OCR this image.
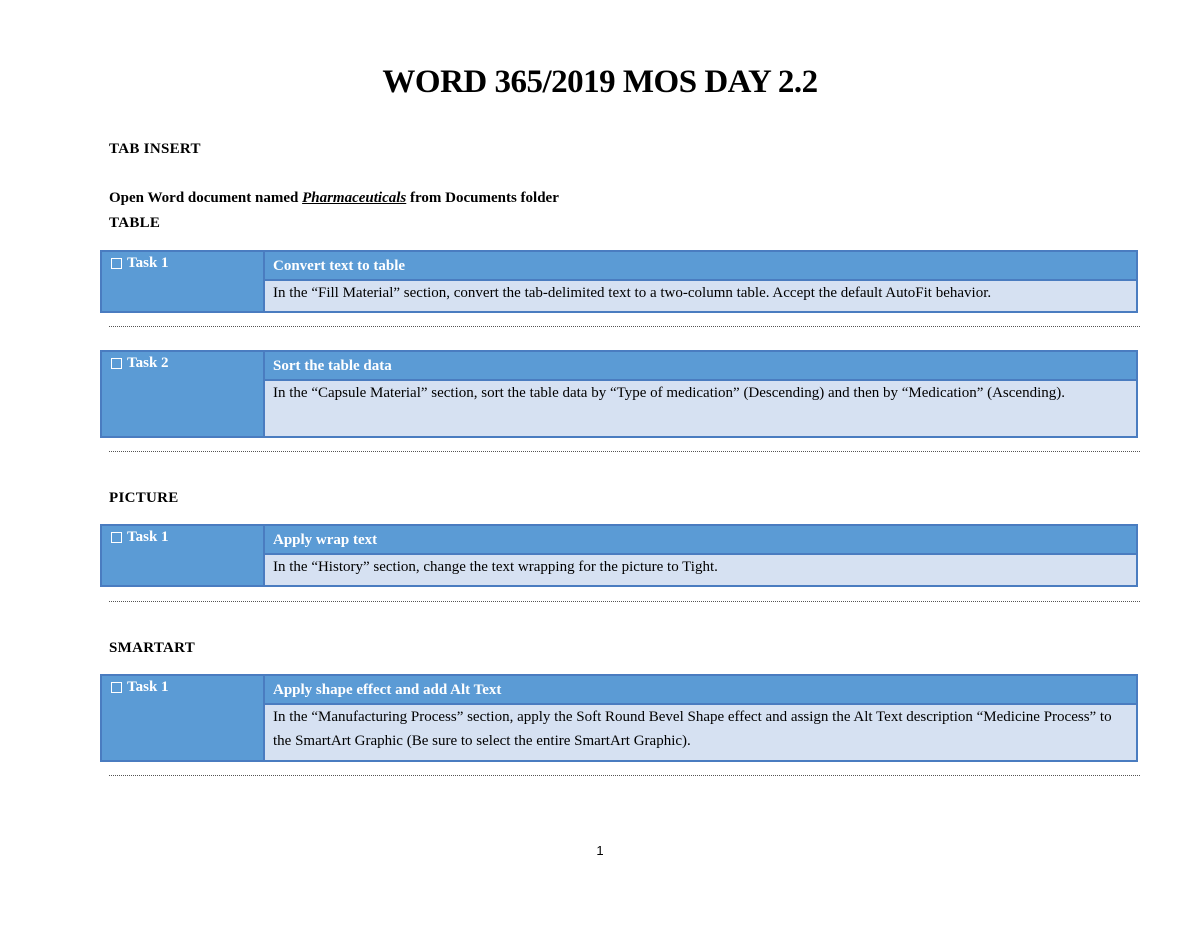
WORD 365/2019 MOS DAY 2.2

TAB INSERT

Open Word document named Pharmaceuticals from Documents folder

TABLE

Task 1	Convert text to table
In the “Fill Material” section, convert the tab-delimited text to a two-column table. Accept the default AutoFit behavior.
Task 2	Sort the table data
In the “Capsule Material” section, sort the table data by “Type of medication” (Descending) and then by “Medication” (Ascending).

PICTURE

Task 1	Apply wrap text
In the “History” section, change the text wrapping for the picture to Tight.

SMARTART

Task 1	Apply shape effect and add Alt Text
In the “Manufacturing Process” section, apply the Soft Round Bevel Shape effect and assign the Alt Text description “Medicine Process” to the SmartArt Graphic (Be sure to select the entire SmartArt Graphic).
1
